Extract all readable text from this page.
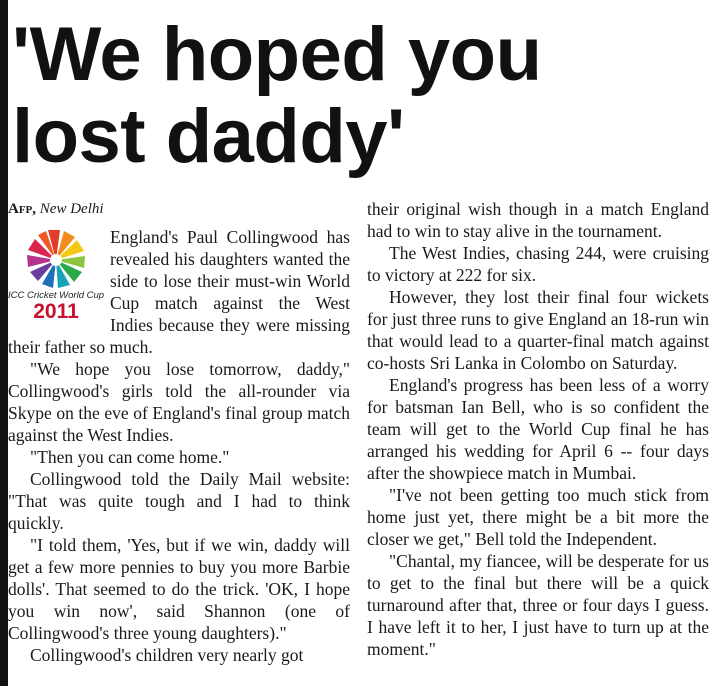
'We hoped you
lost daddy'
Afp, New Delhi
ICC Cricket World Cup
2011

England's Paul Collingwood has revealed his daughters wanted the side to lose their must-win World Cup match against the West Indies because they were missing their father so much.

"We hope you lose tomorrow, daddy," Collingwood's girls told the all-rounder via Skype on the eve of England's final group match against the West Indies.

"Then you can come home."

Collingwood told the Daily Mail website: "That was quite tough and I had to think quickly.

"I told them, 'Yes, but if we win, daddy will get a few more pennies to buy you more Barbie dolls'. That seemed to do the trick. 'OK, I hope you win now', said Shannon (one of Collingwood's three young daughters)."

Collingwood's children very nearly got

their original wish though in a match England had to win to stay alive in the tournament.

The West Indies, chasing 244, were cruising to victory at 222 for six.

However, they lost their final four wickets for just three runs to give England an 18-run win that would lead to a quarter-final match against co-hosts Sri Lanka in Colombo on Saturday.

England's progress has been less of a worry for batsman Ian Bell, who is so confident the team will get to the World Cup final he has arranged his wedding for April 6 -- four days after the showpiece match in Mumbai.

"I've not been getting too much stick from home just yet, there might be a bit more the closer we get," Bell told the Independent.

"Chantal, my fiancee, will be desperate for us to get to the final but there will be a quick turnaround after that, three or four days I guess. I have left it to her, I just have to turn up at the moment."
